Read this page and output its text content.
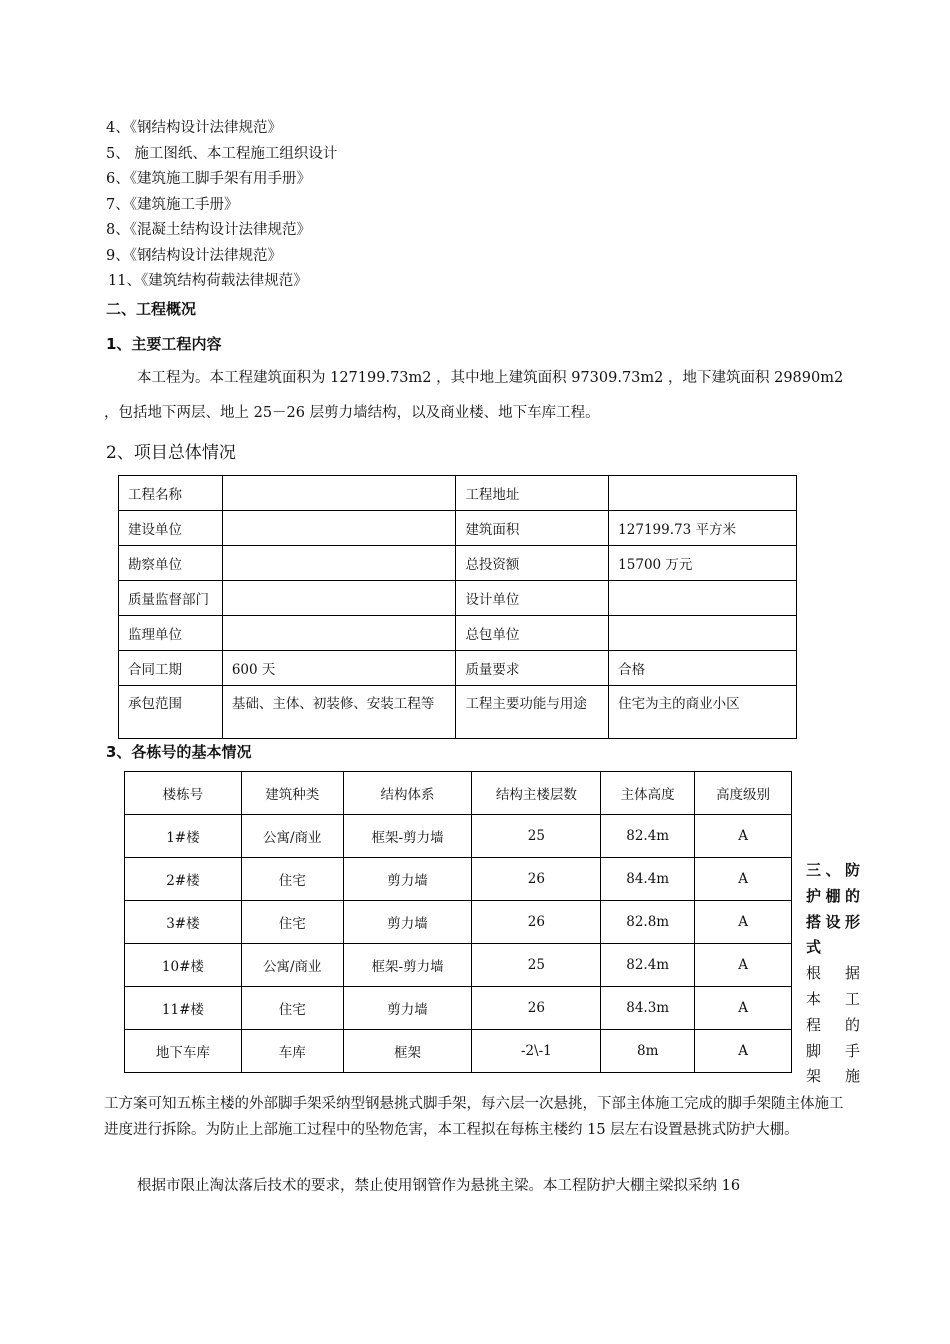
4、《钢结构设计法律规范》
5、 施工图纸、本工程施工组织设计
6、《建筑施工脚手架有用手册》
7、《建筑施工手册》
8、《混凝土结构设计法律规范》
9、《钢结构设计法律规范》
11、《建筑结构荷载法律规范》
二、工程概况
1、主要工程内容

本工程为。本工程建筑面积为 127199.73m2 ，其中地上建筑面积 97309.73m2 ，地下建筑面积 29890m2 ，包括地下两层、地上 25－26 层剪力墙结构，以及商业楼、地下车库工程。

2、项目总体情况
工程名称		工程地址	
建设单位		建筑面积	127199.73 平方米
勘察单位		总投资额	15700 万元
质量监督部门		设计单位	
监理单位		总包单位	
合同工期	600 天	质量要求	合格
承包范围	基础、主体、初装修、安装工程等	工程主要功能与用途	住宅为主的商业小区
3、各栋号的基本情况
楼栋号	建筑种类	结构体系	结构主楼层数	主体高度	高度级别
1#楼	公寓/商业	框架-剪力墙	25	82.4m	A
2#楼	住宅	剪力墙	26	84.4m	A
3#楼	住宅	剪力墙	26	82.8m	A
10#楼	公寓/商业	框架-剪力墙	25	82.4m	A
11#楼	住宅	剪力墙	26	84.3m	A
地下车库	车库	框架	-2\-1	8m	A
三、防
护棚的
搭设形
式
根 据
本 工
程 的
脚 手
架 施

工方案可知五栋主楼的外部脚手架采纳型钢悬挑式脚手架，每六层一次悬挑，下部主体施工完成的脚手架随主体施工进度进行拆除。为防止上部施工过程中的坠物危害，本工程拟在每栋主楼约 15 层左右设置悬挑式防护大棚。

根据市限止淘汰落后技术的要求，禁止使用钢管作为悬挑主梁。本工程防护大棚主梁拟采纳 16
